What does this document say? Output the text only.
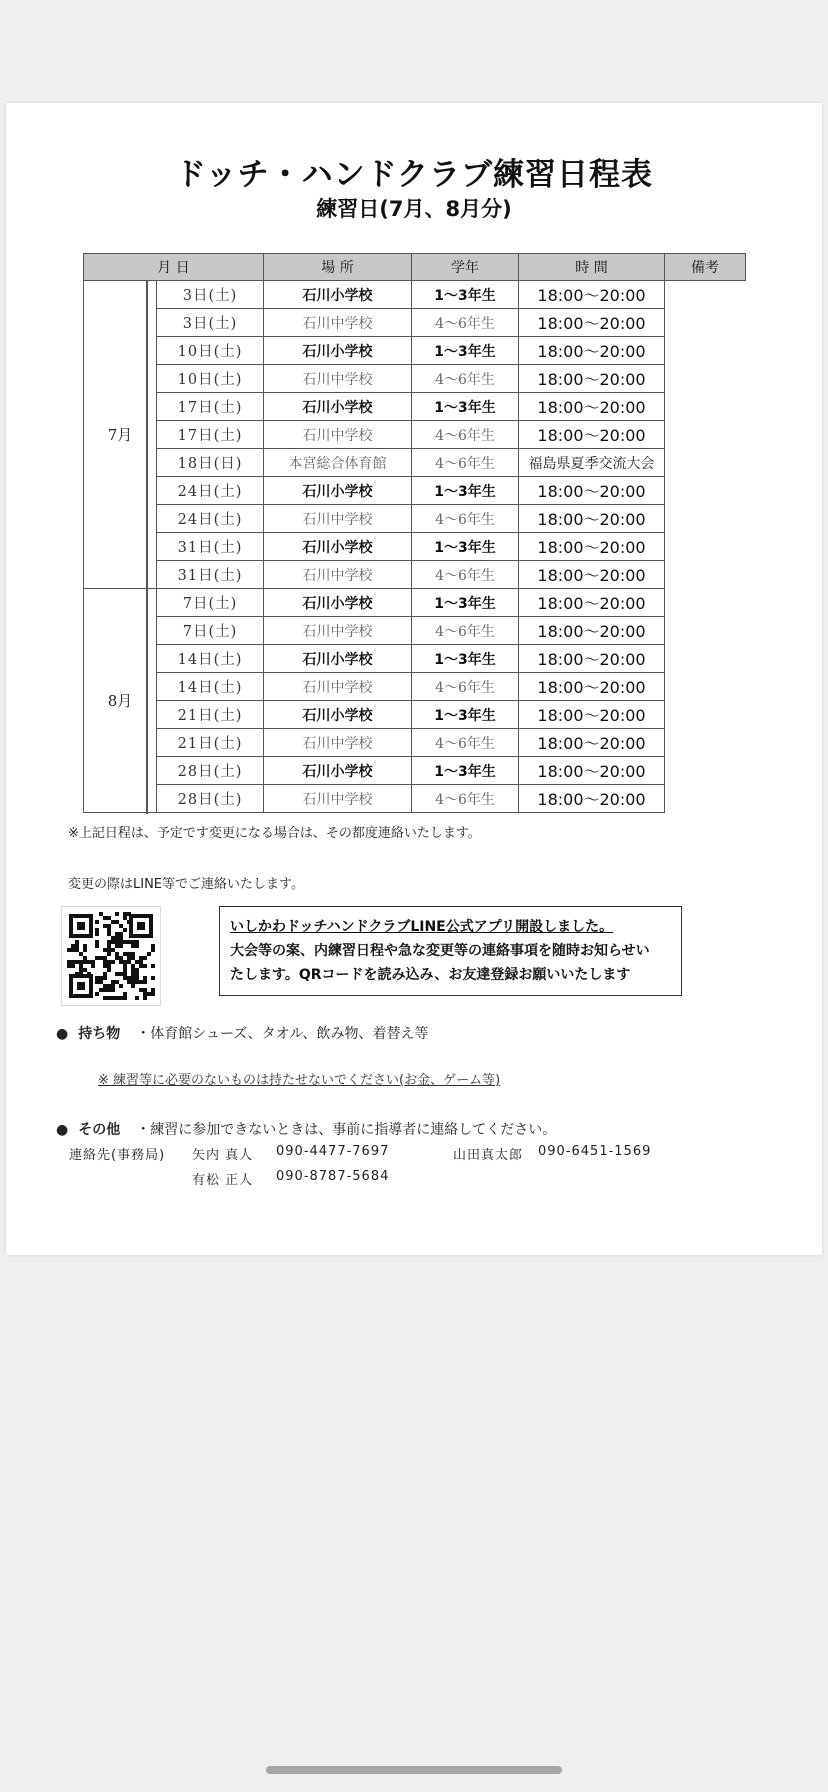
ドッチ・ハンドクラブ練習日程表
練習日(7月、8月分)
月 日		場 所	学年	時 間	備考
7月	3日(土)	石川小学校	1〜3年生	18:00〜20:00	

	3日(土)	石川中学校	4〜6年生	18:00〜20:00	

	10日(土)	石川小学校	1〜3年生	18:00〜20:00	

	10日(土)	石川中学校	4〜6年生	18:00〜20:00	

	17日(土)	石川小学校	1〜3年生	18:00〜20:00	

	17日(土)	石川中学校	4〜6年生	18:00〜20:00	

	18日(日)	本宮総合体育館	4〜6年生	福島県夏季交流大会	

	24日(土)	石川小学校	1〜3年生	18:00〜20:00	

	24日(土)	石川中学校	4〜6年生	18:00〜20:00	

	31日(土)	石川小学校	1〜3年生	18:00〜20:00	

	31日(土)	石川中学校	4〜6年生	18:00〜20:00	

8月	7日(土)	石川小学校	1〜3年生	18:00〜20:00	

	7日(土)	石川中学校	4〜6年生	18:00〜20:00	

	14日(土)	石川小学校	1〜3年生	18:00〜20:00	

	14日(土)	石川中学校	4〜6年生	18:00〜20:00	

	21日(土)	石川小学校	1〜3年生	18:00〜20:00	

	21日(土)	石川中学校	4〜6年生	18:00〜20:00	

	28日(土)	石川小学校	1〜3年生	18:00〜20:00	

	28日(土)	石川中学校	4〜6年生	18:00〜20:00	
※上記日程は、予定です変更になる場合は、その都度連絡いたします。
変更の際はLINE等でご連絡いたします。
いしかわドッチハンドクラブLINE公式アプリ開設しました。
大会等の案、内練習日程や急な変更等の連絡事項を随時お知らせい
たします。QRコードを読み込み、お友達登録お願いいたします
● 持ち物 ・体育館シューズ、タオル、飲み物、着替え等
※ 練習等に必要のないものは持たせないでください(お金、ゲーム等)
● その他 ・練習に参加できないときは、事前に指導者に連絡してください。
連絡先(事務局) 矢内 真人 090-4477-7697	山田真太郎 090-6451-1569
有松 正人 090-8787-5684
